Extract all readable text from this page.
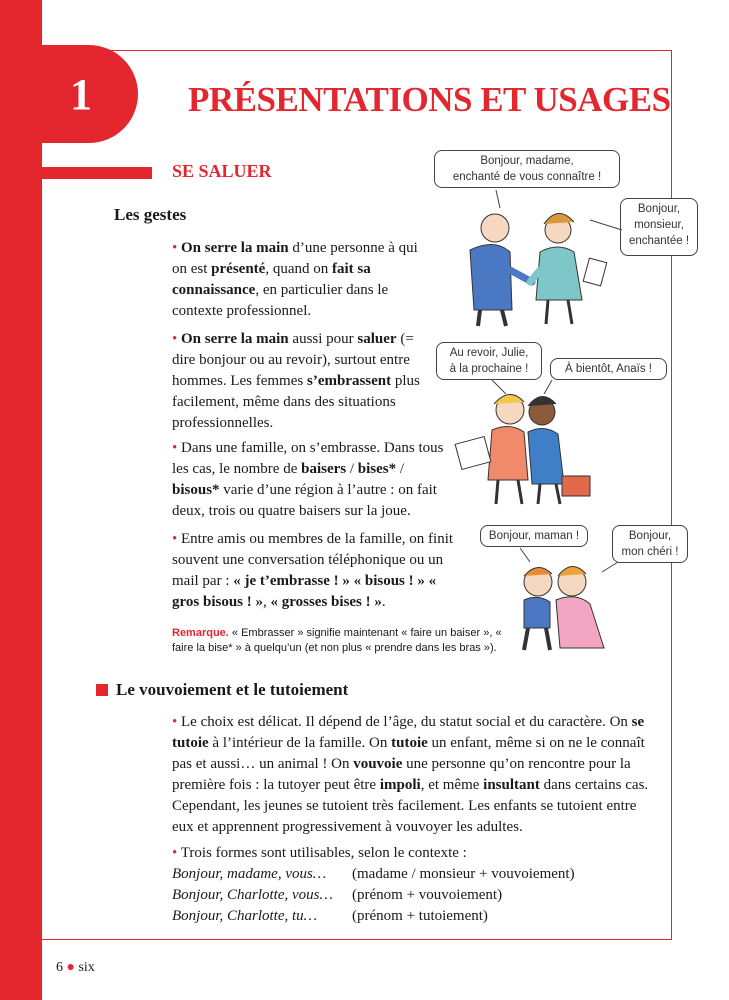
1	PRÉSENTATIONS ET USAGES
SE SALUER
Les gestes
• On serre la main d’une personne à qui on est présenté, quand on fait sa connaissance, en particulier dans le contexte professionnel.
• On serre la main aussi pour saluer (= dire bonjour ou au revoir), surtout entre hommes. Les femmes s’embrassent plus facilement, même dans des situations professionnelles.
• Dans une famille, on s’embrasse. Dans tous les cas, le nombre de baisers / bises* / bisous* varie d’une région à l’autre : on fait deux, trois ou quatre baisers sur la joue.
• Entre amis ou membres de la famille, on finit souvent une conversation téléphonique ou un mail par : « je t’embrasse ! » « bisous ! » « gros bisous ! », « grosses bises ! ».
Remarque. « Embrasser » signifie maintenant « faire un baiser », « faire la bise* » à quelqu’un (et non plus « prendre dans les bras »).
Le vouvoiement et le tutoiement
• Le choix est délicat. Il dépend de l’âge, du statut social et du caractère. On se tutoie à l’intérieur de la famille. On tutoie un enfant, même si on ne le connaît pas et aussi… un animal ! On vouvoie une personne qu’on rencontre pour la première fois : la tutoyer peut être impoli, et même insultant dans certains cas. Cependant, les jeunes se tutoient très facilement. Les enfants se tutoient entre eux et apprennent progressivement à vouvoyer les adultes.
• Trois formes sont utilisables, selon le contexte :
Bonjour, madame, vous…	(madame / monsieur + vouvoiement)
Bonjour, Charlotte, vous…	(prénom + vouvoiement)
Bonjour, Charlotte, tu…	(prénom + tutoiement)
6 ● six
Bonjour, madame,
enchanté de vous connaître !
Bonjour,
monsieur,
enchantée !
Au revoir, Julie,
à la prochaine !	À bientôt, Anaïs !
Bonjour, maman !	Bonjour,
mon chéri !
